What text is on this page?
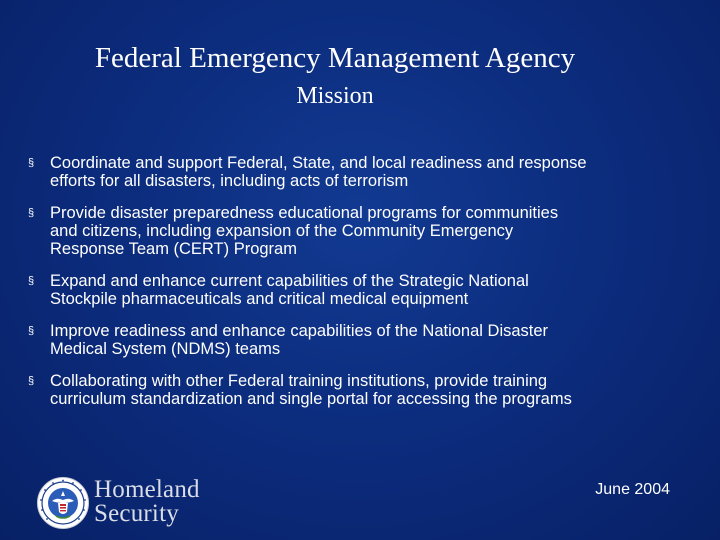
Federal Emergency Management Agency
Mission
§ Coordinate and support Federal, State, and local readiness and response
efforts for all disasters, including acts of terrorism
§ Provide disaster preparedness educational programs for communities
and citizens, including expansion of the Community Emergency
Response Team (CERT) Program
§ Expand and enhance current capabilities of the Strategic National
Stockpile pharmaceuticals and critical medical equipment
§ Improve readiness and enhance capabilities of the National Disaster
Medical System (NDMS) teams
§ Collaborating with other Federal training institutions, provide training
curriculum standardization and single portal for accessing the programs
Homeland
Security
June 2004
